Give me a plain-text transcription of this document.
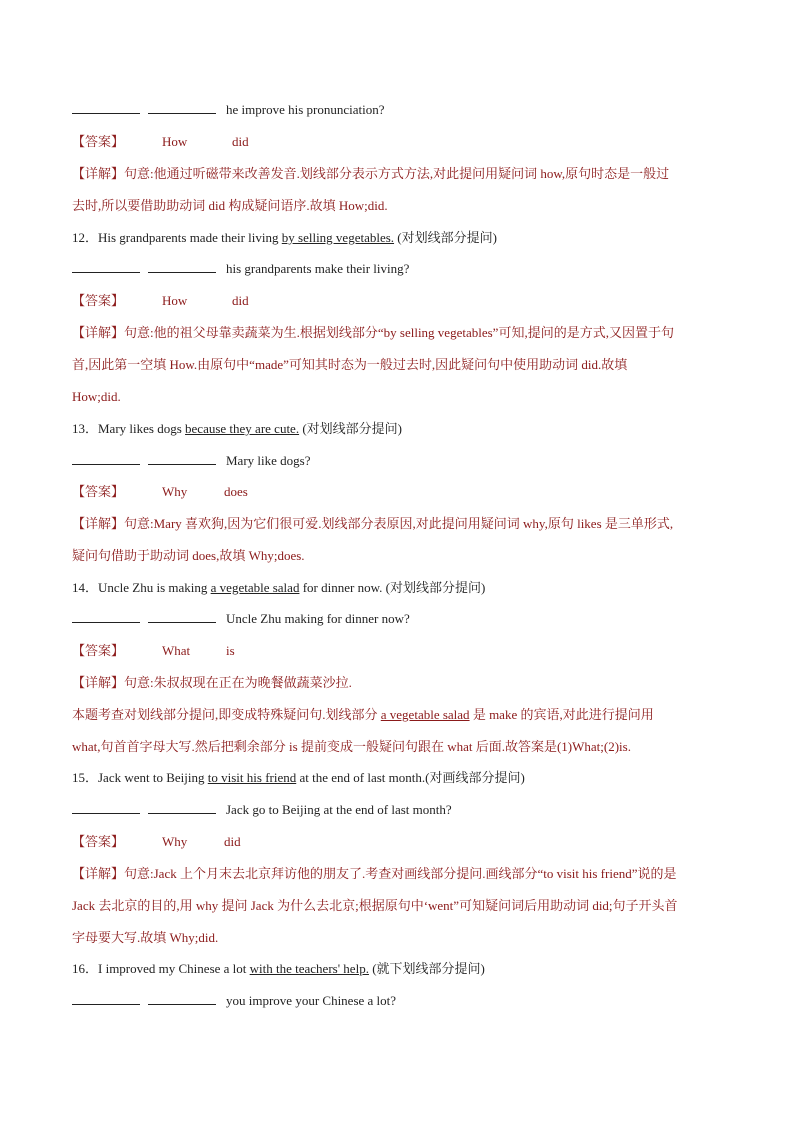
he improve his pronunciation?
【答案】	How	did
【详解】句意:他通过听磁带来改善发音.划线部分表示方式方法,对此提问用疑问词 how,原句时态是一般过
去时,所以要借助助动词 did 构成疑问语序.故填 How;did.
12．His grandparents made their living by selling vegetables. (对划线部分提问)
his grandparents make their living?
【答案】	How	did
【详解】句意:他的祖父母靠卖蔬菜为生.根据划线部分“by selling vegetables”可知,提问的是方式,又因置于句
首,因此第一空填 How.由原句中“made”可知其时态为一般过去时,因此疑问句中使用助动词 did.故填
How;did.
13．Mary likes dogs because they are cute. (对划线部分提问)
Mary like dogs?
【答案】	Why	does
【详解】句意:Mary 喜欢狗,因为它们很可爱.划线部分表原因,对此提问用疑问词 why,原句 likes 是三单形式,
疑问句借助于助动词 does,故填 Why;does.
14．Uncle Zhu is making a vegetable salad for dinner now. (对划线部分提问)
Uncle Zhu making for dinner now?
【答案】	What	is
【详解】句意:朱叔叔现在正在为晚餐做蔬菜沙拉.
本题考查对划线部分提问,即变成特殊疑问句.划线部分 a vegetable salad 是 make 的宾语,对此进行提问用
what,句首首字母大写.然后把剩余部分 is 提前变成一般疑问句跟在 what 后面.故答案是(1)What;(2)is.
15．Jack went to Beijing to visit his friend at the end of last month.(对画线部分提问)
Jack go to Beijing at the end of last month?
【答案】	Why	did
【详解】句意:Jack 上个月末去北京拜访他的朋友了.考查对画线部分提问.画线部分“to visit his friend”说的是
Jack 去北京的目的,用 why 提问 Jack 为什么去北京;根据原句中‘went”可知疑问词后用助动词 did;句子开头首
字母要大写.故填 Why;did.
16．I improved my Chinese a lot with the teachers' help. (就下划线部分提问)
you improve your Chinese a lot?
